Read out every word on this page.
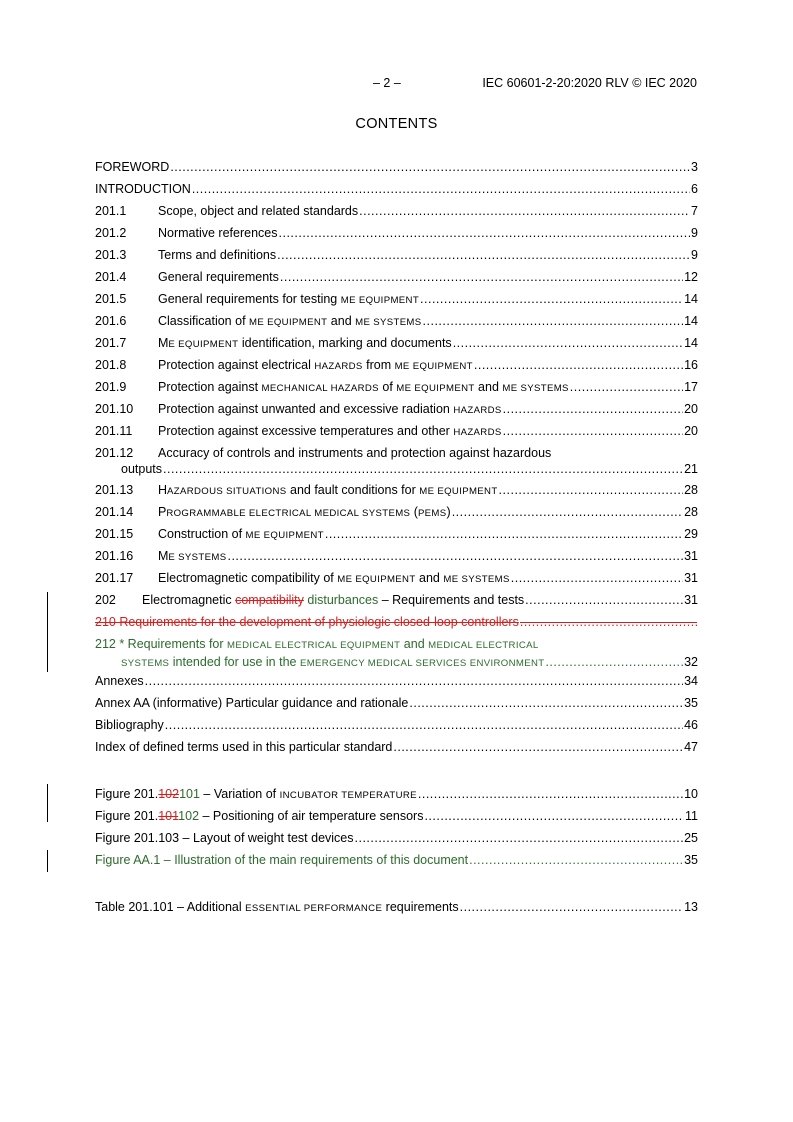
– 2 –	IEC 60601-2-20:2020 RLV © IEC 2020
CONTENTS
FOREWORD .....	3
INTRODUCTION .....	6
201.1	Scope, object and related standards .....	7
201.2	Normative references .....	9
201.3	Terms and definitions .....	9
201.4	General requirements .....	12
201.5	General requirements for testing ME EQUIPMENT .....	14
201.6	Classification of ME EQUIPMENT and ME SYSTEMS .....	14
201.7	ME EQUIPMENT identification, marking and documents .....	14
201.8	Protection against electrical HAZARDS from ME EQUIPMENT .....	16
201.9	Protection against MECHANICAL HAZARDS of ME EQUIPMENT and ME SYSTEMS .....	17
201.10	Protection against unwanted and excessive radiation HAZARDS .....	20
201.11	Protection against excessive temperatures and other HAZARDS .....	20
201.12	Accuracy of controls and instruments and protection against hazardous
outputs .....	21
201.13	HAZARDOUS SITUATIONS and fault conditions for ME EQUIPMENT .....	28
201.14	PROGRAMMABLE ELECTRICAL MEDICAL SYSTEMS (PEMS) .....	28
201.15	Construction of ME EQUIPMENT .....	29
201.16	ME SYSTEMS .....	31
201.17	Electromagnetic compatibility of ME EQUIPMENT and ME SYSTEMS .....	31
202	Electromagnetic compatibility disturbances – Requirements and tests .....	31
210 Requirements for the development of physiologic closed-loop controllers
.....
212 * Requirements for MEDICAL ELECTRICAL EQUIPMENT and MEDICAL ELECTRICAL
SYSTEMS intended for use in the EMERGENCY MEDICAL SERVICES ENVIRONMENT .....	32
Annexes .....	34
Annex AA (informative) Particular guidance and rationale .....	35
Bibliography .....	46
Index of defined terms used in this particular standard .....	47
Figure 201.102101 – Variation of INCUBATOR TEMPERATURE .....	10
Figure 201.101102 – Positioning of air temperature sensors .....	11
Figure 201.103 – Layout of weight test devices .....	25
Figure AA.1 – Illustration of the main requirements of this document .....	35
Table 201.101 – Additional ESSENTIAL PERFORMANCE requirements .....	13
